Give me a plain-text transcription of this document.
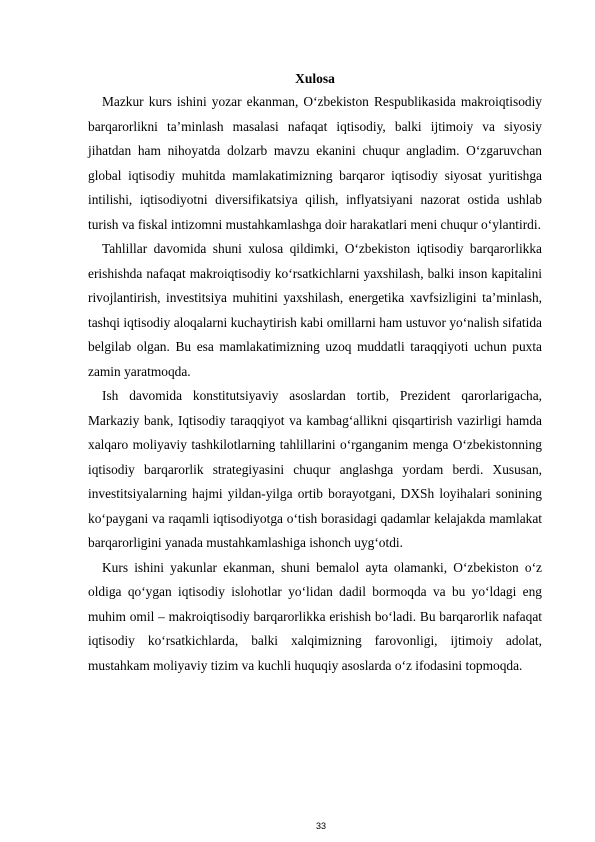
Xulosa

Mazkur kurs ishini yozar ekanman, O‘zbekiston Respublikasida makroiqtisodiy barqarorlikni ta’minlash masalasi nafaqat iqtisodiy, balki ijtimoiy va siyosiy jihatdan ham nihoyatda dolzarb mavzu ekanini chuqur angladim. O‘zgaruvchan global iqtisodiy muhitda mamlakatimizning barqaror iqtisodiy siyosat yuritishga intilishi, iqtisodiyotni diversifikatsiya qilish, inflyatsiyani nazorat ostida ushlab turish va fiskal intizomni mustahkamlashga doir harakatlari meni chuqur o‘ylantirdi.

Tahlillar davomida shuni xulosa qildimki, O‘zbekiston iqtisodiy barqarorlikka erishishda nafaqat makroiqtisodiy ko‘rsatkichlarni yaxshilash, balki inson kapitalini rivojlantirish, investitsiya muhitini yaxshilash, energetika xavfsizligini ta’minlash, tashqi iqtisodiy aloqalarni kuchaytirish kabi omillarni ham ustuvor yo‘nalish sifatida belgilab olgan. Bu esa mamlakatimizning uzoq muddatli taraqqiyoti uchun puxta zamin yaratmoqda.

Ish davomida konstitutsiyaviy asoslardan tortib, Prezident qarorlarigacha, Markaziy bank, Iqtisodiy taraqqiyot va kambag‘allikni qisqartirish vazirligi hamda xalqaro moliyaviy tashkilotlarning tahlillarini o‘rganganim menga O‘zbekistonning iqtisodiy barqarorlik strategiyasini chuqur anglashga yordam berdi. Xususan, investitsiyalarning hajmi yildan-yilga ortib borayotgani, DXSh loyihalari sonining ko‘paygani va raqamli iqtisodiyotga o‘tish borasidagi qadamlar kelajakda mamlakat barqarorligini yanada mustahkamlashiga ishonch uyg‘otdi.

Kurs ishini yakunlar ekanman, shuni bemalol ayta olamanki, O‘zbekiston o‘z oldiga qo‘ygan iqtisodiy islohotlar yo‘lidan dadil bormoqda va bu yo‘ldagi eng muhim omil – makroiqtisodiy barqarorlikka erishish bo‘ladi. Bu barqarorlik nafaqat iqtisodiy ko‘rsatkichlarda, balki xalqimizning farovonligi, ijtimoiy adolat, mustahkam moliyaviy tizim va kuchli huquqiy asoslarda o‘z ifodasini topmoqda.

33
